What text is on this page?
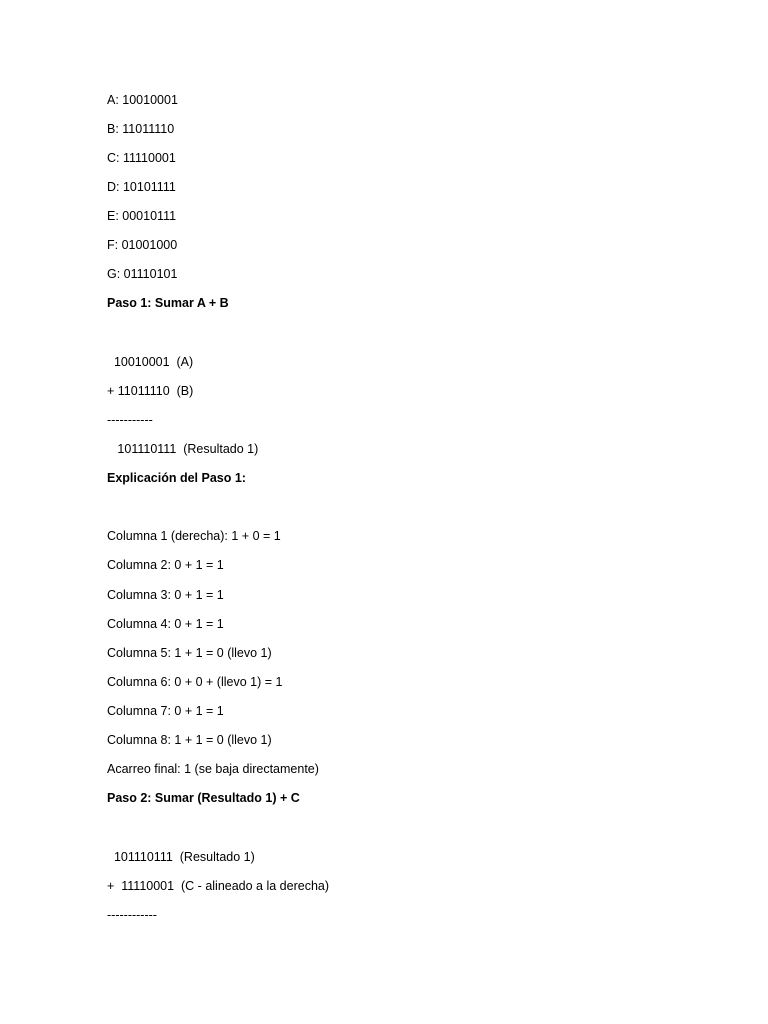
A: 10010001
B: 11011110
C: 11110001
D: 10101111
E: 00010111
F: 01001000
G: 01110101
Paso 1: Sumar A + B
10010001  (A)
+ 11011110  (B)
-----------
101110111  (Resultado 1)
Explicación del Paso 1:
Columna 1 (derecha): 1 + 0 = 1
Columna 2: 0 + 1 = 1
Columna 3: 0 + 1 = 1
Columna 4: 0 + 1 = 1
Columna 5: 1 + 1 = 0 (llevo 1)
Columna 6: 0 + 0 + (llevo 1) = 1
Columna 7: 0 + 1 = 1
Columna 8: 1 + 1 = 0 (llevo 1)
Acarreo final: 1 (se baja directamente)
Paso 2: Sumar (Resultado 1) + C
101110111  (Resultado 1)
+  11110001  (C - alineado a la derecha)
------------
